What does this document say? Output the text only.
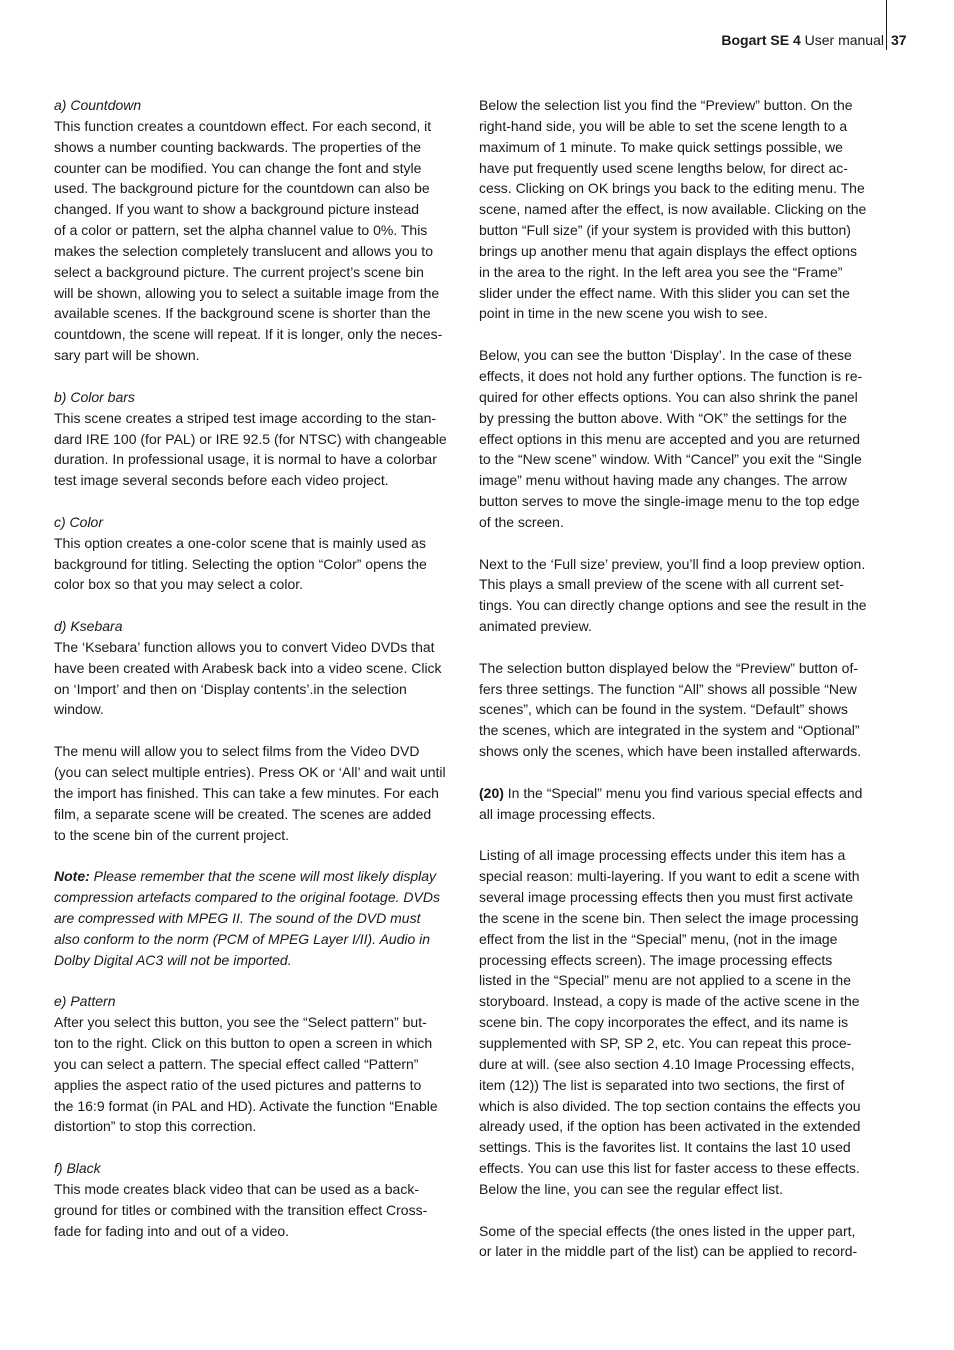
Bogart SE 4 User manual 37

a) Countdown
This function creates a countdown effect. For each second, it
shows a number counting backwards. The properties of the
counter can be modified. You can change the font and style
used. The background picture for the countdown can also be
changed. If you want to show a background picture instead
of a color or pattern, set the alpha channel value to 0%. This
makes the selection completely translucent and allows you to
select a background picture. The current project’s scene bin
will be shown, allowing you to select a suitable image from the
available scenes. If the background scene is shorter than the
countdown, the scene will repeat. If it is longer, only the neces-
sary part will be shown.

b) Color bars
This scene creates a striped test image according to the stan-
dard IRE 100 (for PAL) or IRE 92.5 (for NTSC) with changeable
duration. In professional usage, it is normal to have a colorbar
test image several seconds before each video project.

c) Color
This option creates a one-color scene that is mainly used as
background for titling. Selecting the option “Color” opens the
color box so that you may select a color.

d) Ksebara
The ‘Ksebara’ function allows you to convert Video DVDs that
have been created with Arabesk back into a video scene. Click
on ‘Import’ and then on ‘Display contents’.in the selection
window.

The menu will allow you to select films from the Video DVD
(you can select multiple entries). Press OK or ‘All’ and wait until
the import has finished. This can take a few minutes. For each
film, a separate scene will be created. The scenes are added
to the scene bin of the current project.

Note: Please remember that the scene will most likely display
compression artefacts compared to the original footage. DVDs
are compressed with MPEG II. The sound of the DVD must
also conform to the norm (PCM of MPEG Layer I/II). Audio in
Dolby Digital AC3 will not be imported.

e) Pattern
After you select this button, you see the “Select pattern” but-
ton to the right. Click on this button to open a screen in which
you can select a pattern. The special effect called “Pattern”
applies the aspect ratio of the used pictures and patterns to
the 16:9 format (in PAL and HD). Activate the function “Enable
distortion” to stop this correction.

f) Black
This mode creates black video that can be used as a back-
ground for titles or combined with the transition effect Cross-
fade for fading into and out of a video.

Below the selection list you find the “Preview” button. On the
right-hand side, you will be able to set the scene length to a
maximum of 1 minute. To make quick settings possible, we
have put frequently used scene lengths below, for direct ac-
cess. Clicking on OK brings you back to the editing menu. The
scene, named after the effect, is now available. Clicking on the
button “Full size” (if your system is provided with this button)
brings up another menu that again displays the effect options
in the area to the right. In the left area you see the “Frame”
slider under the effect name. With this slider you can set the
point in time in the new scene you wish to see.

Below, you can see the button ‘Display’. In the case of these
effects, it does not hold any further options. The function is re-
quired for other effects options. You can also shrink the panel
by pressing the button above. With “OK” the settings for the
effect options in this menu are accepted and you are returned
to the “New scene” window. With “Cancel” you exit the “Single
image” menu without having made any changes. The arrow
button serves to move the single-image menu to the top edge
of the screen.

Next to the ‘Full size’ preview, you’ll find a loop preview option.
This plays a small preview of the scene with all current set-
tings. You can directly change options and see the result in the
animated preview.

The selection button displayed below the “Preview” button of-
fers three settings. The function “All” shows all possible “New
scenes”, which can be found in the system. “Default” shows
the scenes, which are integrated in the system and “Optional”
shows only the scenes, which have been installed afterwards.

(20) In the “Special” menu you find various special effects and
all image processing effects.

Listing of all image processing effects under this item has a
special reason: multi-layering. If you want to edit a scene with
several image processing effects then you must first activate
the scene in the scene bin. Then select the image processing
effect from the list in the “Special” menu, (not in the image
processing effects screen). The image processing effects
listed in the “Special” menu are not applied to a scene in the
storyboard. Instead, a copy is made of the active scene in the
scene bin. The copy incorporates the effect, and its name is
supplemented with SP, SP 2, etc. You can repeat this proce-
dure at will. (see also section 4.10 Image Processing effects,
item (12)) The list is separated into two sections, the first of
which is also divided. The top section contains the effects you
already used, if the option has been activated in the extended
settings. This is the favorites list. It contains the last 10 used
effects. You can use this list for faster access to these effects.
Below the line, you can see the regular effect list.

Some of the special effects (the ones listed in the upper part,
or later in the middle part of the list) can be applied to record-
